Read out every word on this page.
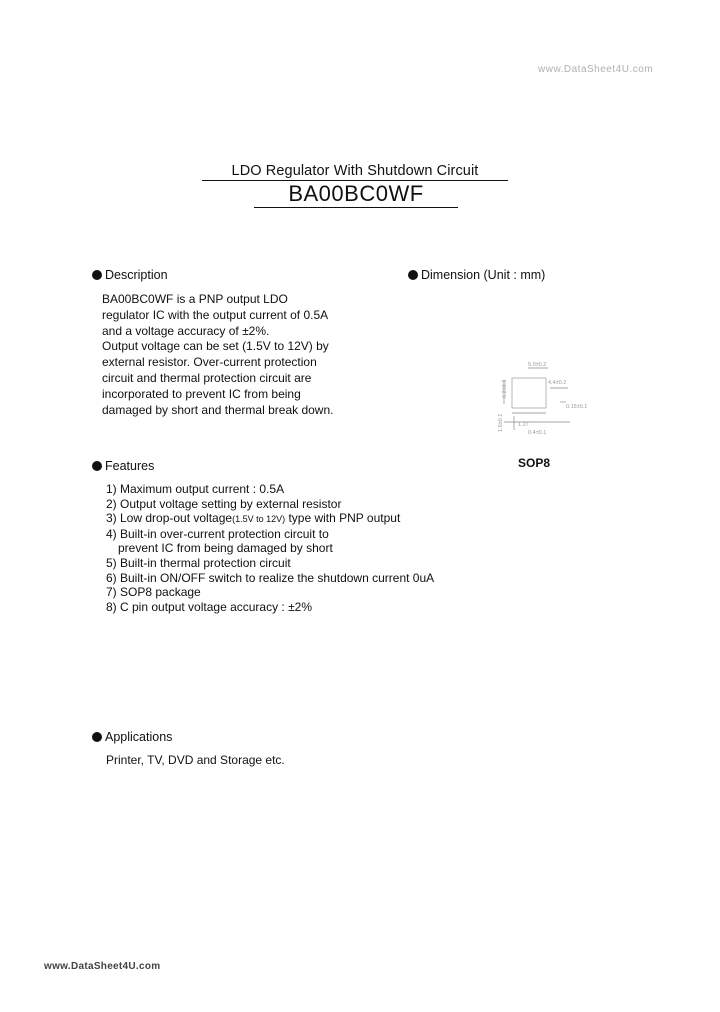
www.DataSheet4U.com
LDO Regulator With Shutdown Circuit
BA00BC0WF
Description
BA00BC0WF is a PNP output LDO
regulator IC with the output current of 0.5A
and a voltage accuracy of ±2%.
Output voltage can be set (1.5V to 12V) by
external resistor. Over-current protection
circuit and thermal protection circuit are
incorporated to prevent IC from being
damaged by short and thermal break down.
Dimension (Unit : mm)
5.0±0.2
4.4±0.2
6.2±0.3
0.15±0.1
1.27
0.4±0.1
1.5±0.1
SOP8
Features
1) Maximum output current : 0.5A
2) Output voltage setting by external resistor
3) Low drop-out voltage(1.5V to 12V) type with PNP output
4) Built-in over-current protection circuit to
prevent IC from being damaged by short
5) Built-in thermal protection circuit
6) Built-in ON/OFF switch to realize the shutdown current 0uA
7) SOP8 package
8) C pin output voltage accuracy : ±2%
Applications
Printer, TV, DVD and Storage etc.
www.DataSheet4U.com
